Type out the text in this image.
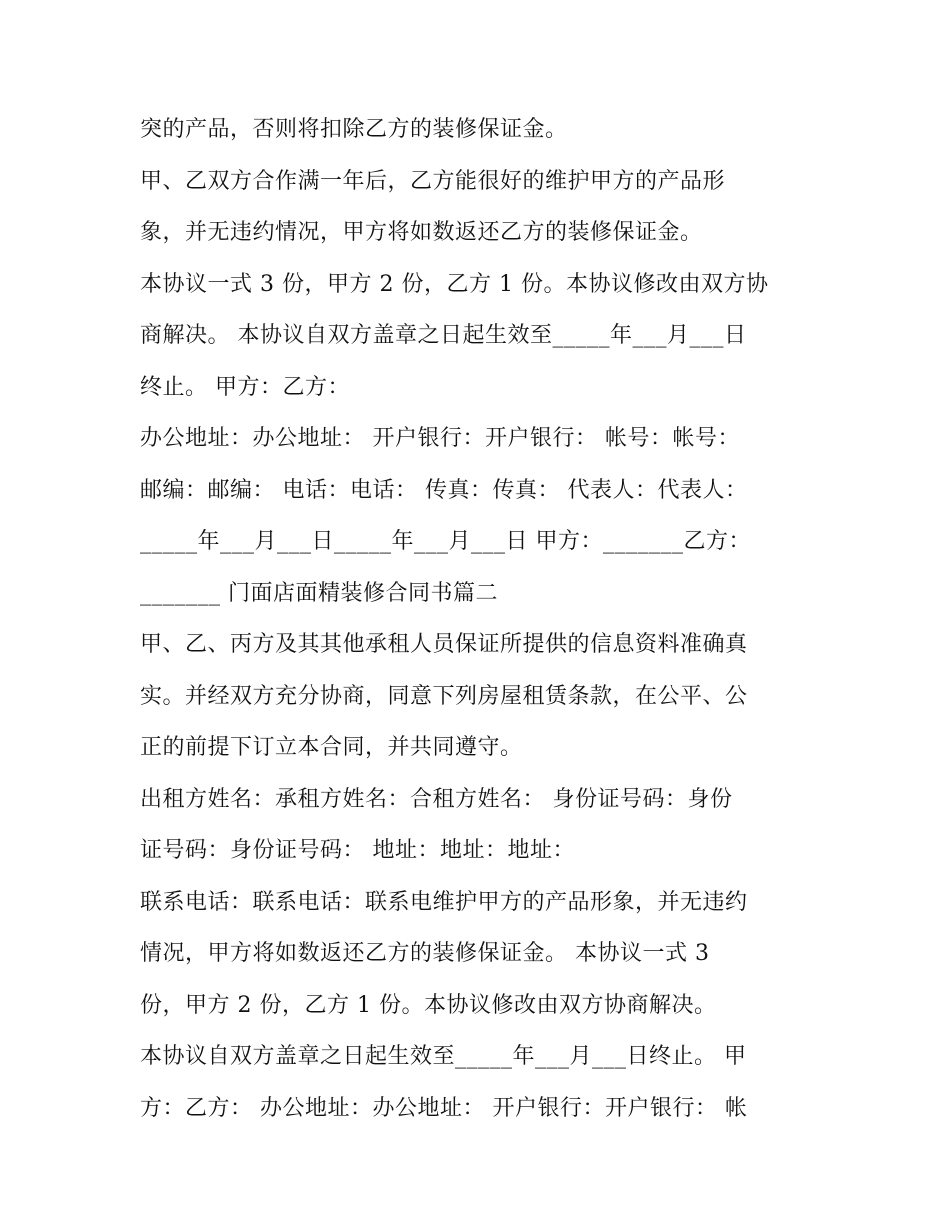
突的产品，否则将扣除乙方的装修保证金。
甲、乙双方合作满一年后，乙方能很好的维护甲方的产品形
象，并无违约情况，甲方将如数返还乙方的装修保证金。
本协议一式 3 份，甲方 2 份，乙方 1 份。本协议修改由双方协
商解决。 本协议自双方盖章之日起生效至_____年___月___日
终止。 甲方：乙方：
办公地址：办公地址： 开户银行：开户银行： 帐号：帐号：
邮编：邮编： 电话：电话： 传真：传真： 代表人：代表人：
_____年___月___日_____年___月___日 甲方：_______乙方：
_______ 门面店面精装修合同书篇二
甲、乙、丙方及其其他承租人员保证所提供的信息资料准确真
实。并经双方充分协商，同意下列房屋租赁条款，在公平、公
正的前提下订立本合同，并共同遵守。
出租方姓名：承租方姓名：合租方姓名： 身份证号码：身份
证号码：身份证号码： 地址：地址：地址：
联系电话：联系电话：联系电维护甲方的产品形象，并无违约
情况，甲方将如数返还乙方的装修保证金。 本协议一式 3
份，甲方 2 份，乙方 1 份。本协议修改由双方协商解决。
本协议自双方盖章之日起生效至_____年___月___日终止。 甲
方：乙方： 办公地址：办公地址： 开户银行：开户银行： 帐
